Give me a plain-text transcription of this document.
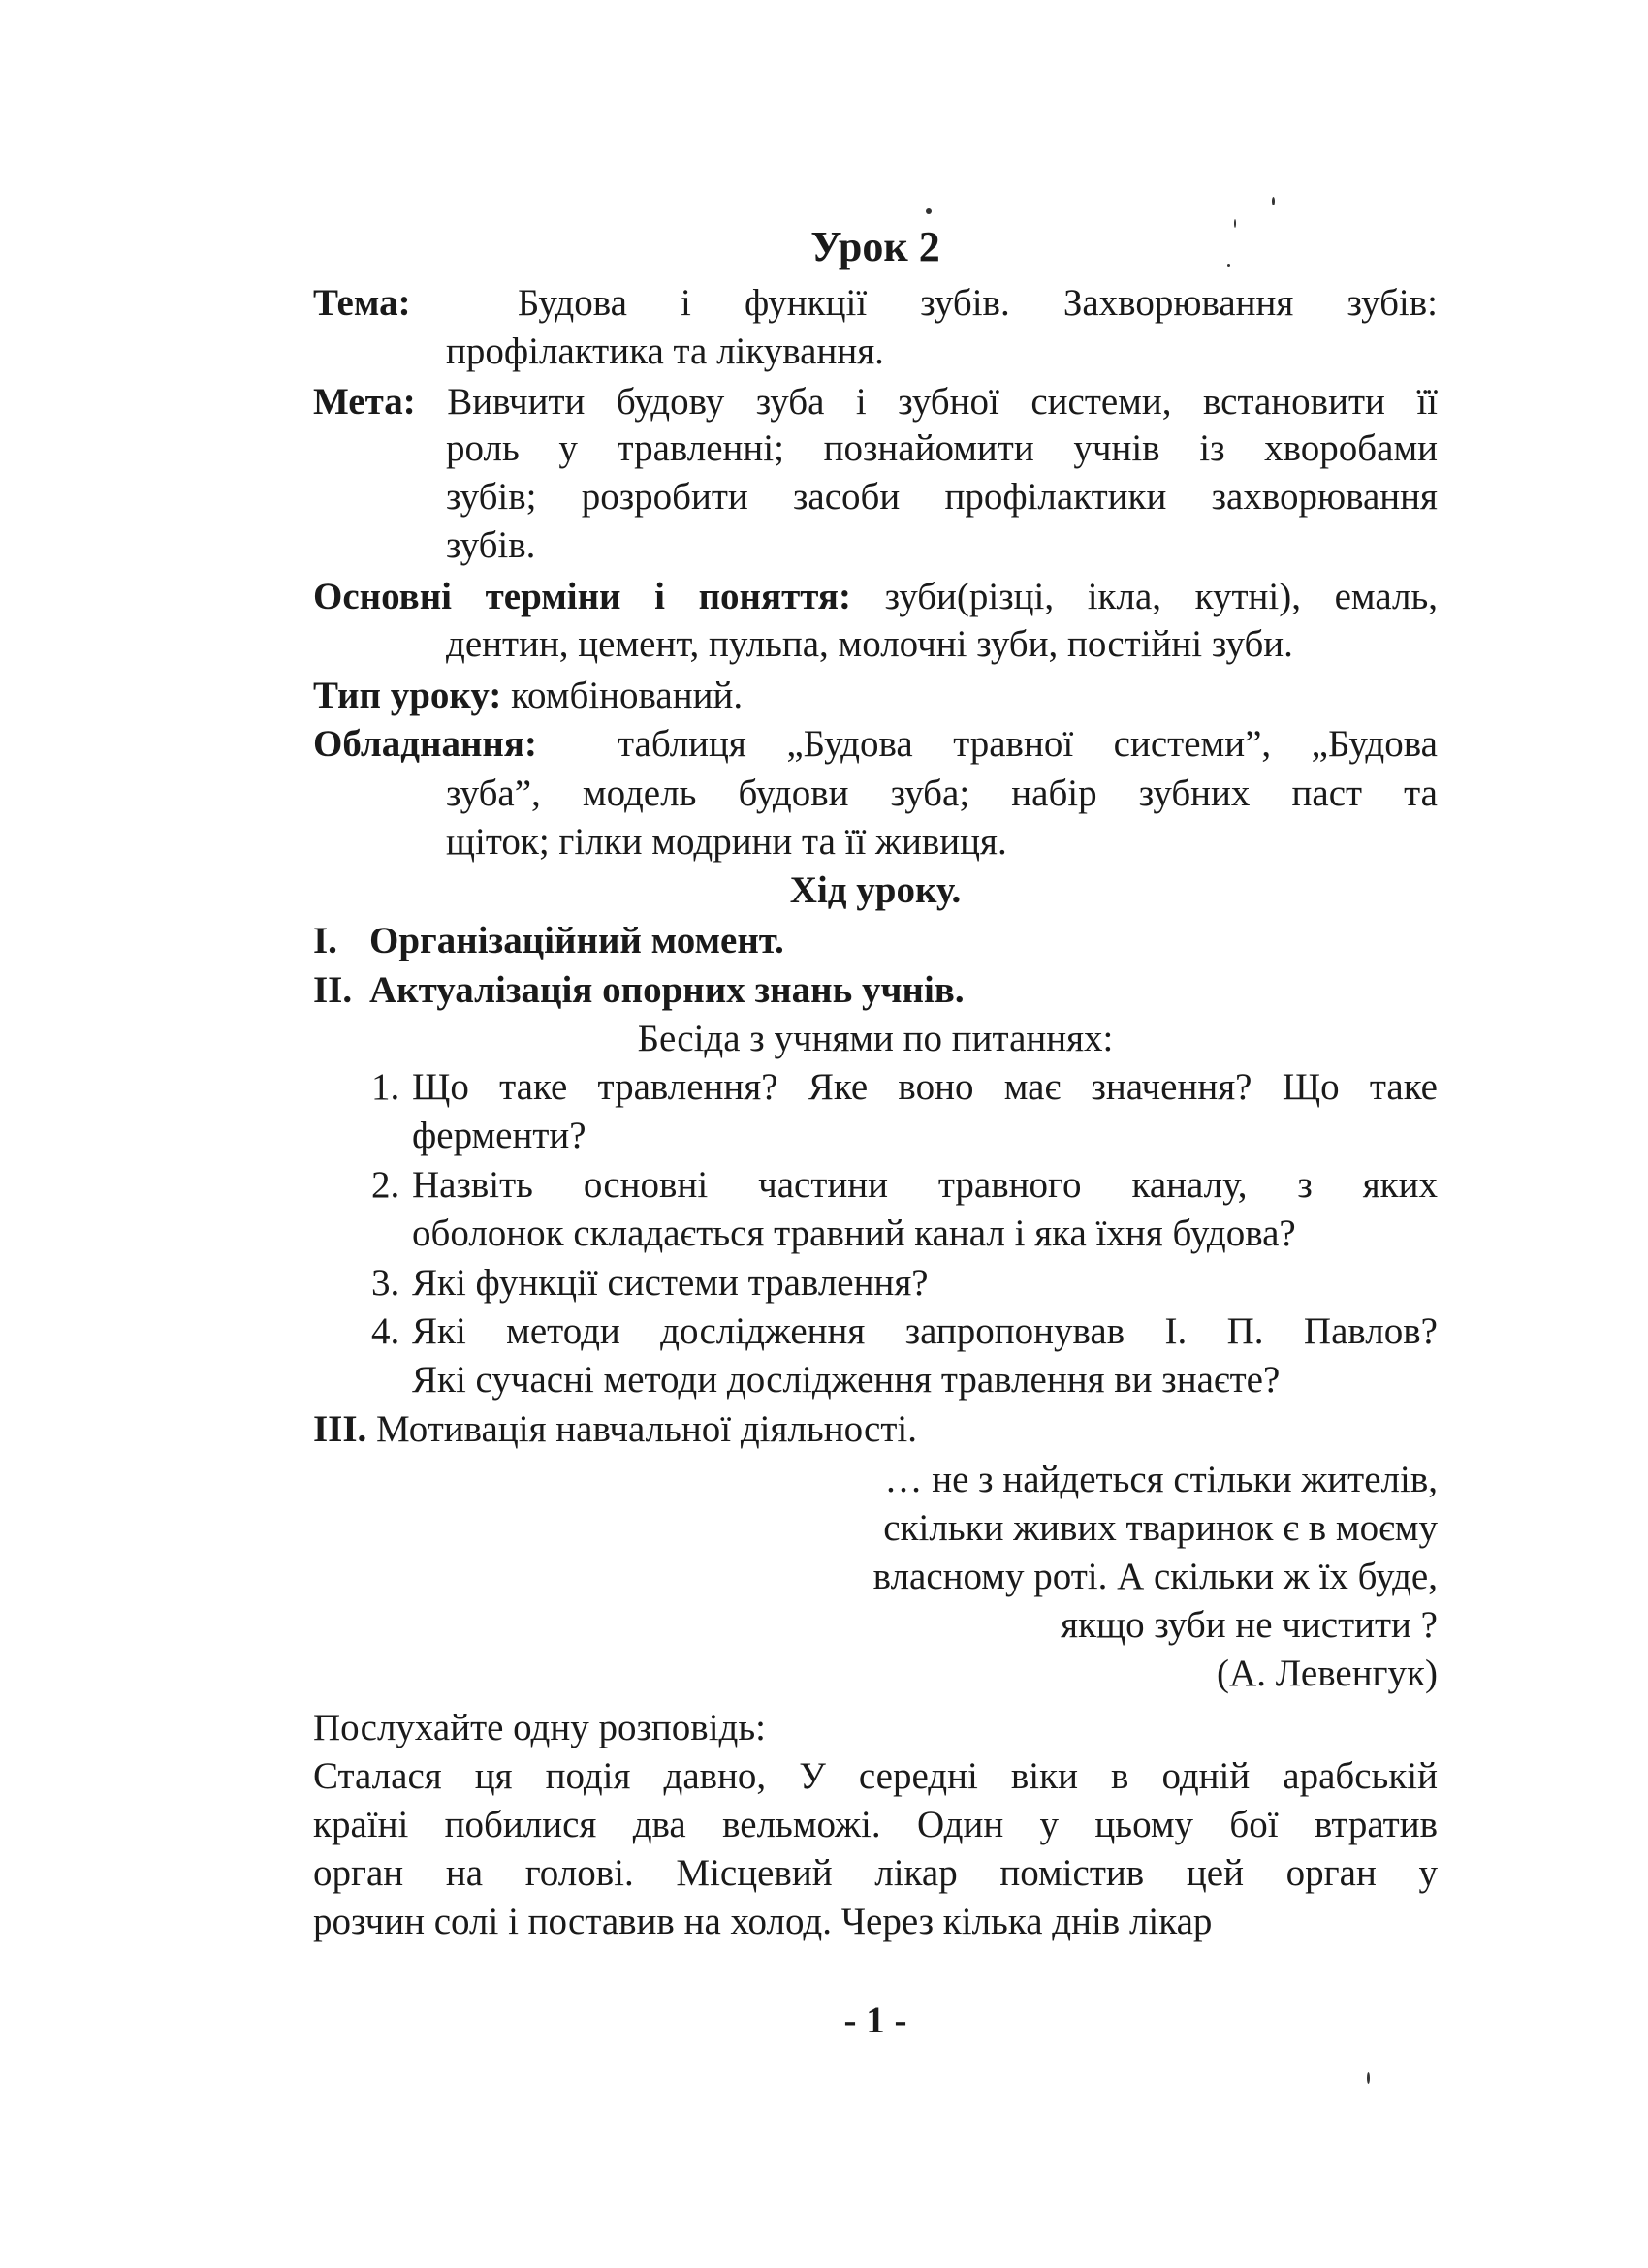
Урок 2
Тема:	Будова і функції зубів. Захворювання зубів:
профілактика та лікування.
Мета: Вивчити будову зуба і зубної системи, встановити її
роль у травленні; познайомити учнів із хворобами
зубів; розробити засоби профілактики захворювання
зубів.
Основні терміни і поняття: зуби(різці, ікла, кутні), емаль,
дентин, цемент, пульпа, молочні зуби, постійні зуби.
Тип уроку: комбінований.
Обладнання: таблиця „Будова травної системи”, „Будова
зуба”, модель будови зуба; набір зубних паст та
щіток; гілки модрини та її живиця.
Хід уроку.
I. Організаційний момент.
II. Актуалізація опорних знань учнів.
Бесіда з учнями по питаннях:
1. Що таке травлення? Яке воно має значення? Що таке
ферменти?
2. Назвіть основні частини травного каналу, з яких
оболонок складається травний канал і яка їхня будова?
3. Які функції системи травлення?
4. Які методи дослідження запропонував І. П. Павлов?
Які сучасні методи дослідження травлення ви знаєте?
III. Мотивація навчальної діяльності.
… не з найдеться стільки жителів,
скільки живих тваринок є в моєму
власному роті. А скільки ж їх буде,
якщо зуби не чистити ?
(А. Левенгук)
Послухайте одну розповідь:
Сталася ця подія давно, У середні віки в одній арабській
країні побилися два вельможі. Один у цьому бої втратив
орган на голові. Місцевий лікар помістив цей орган у
розчин солі і поставив на холод. Через кілька днів лікар
- 1 -
